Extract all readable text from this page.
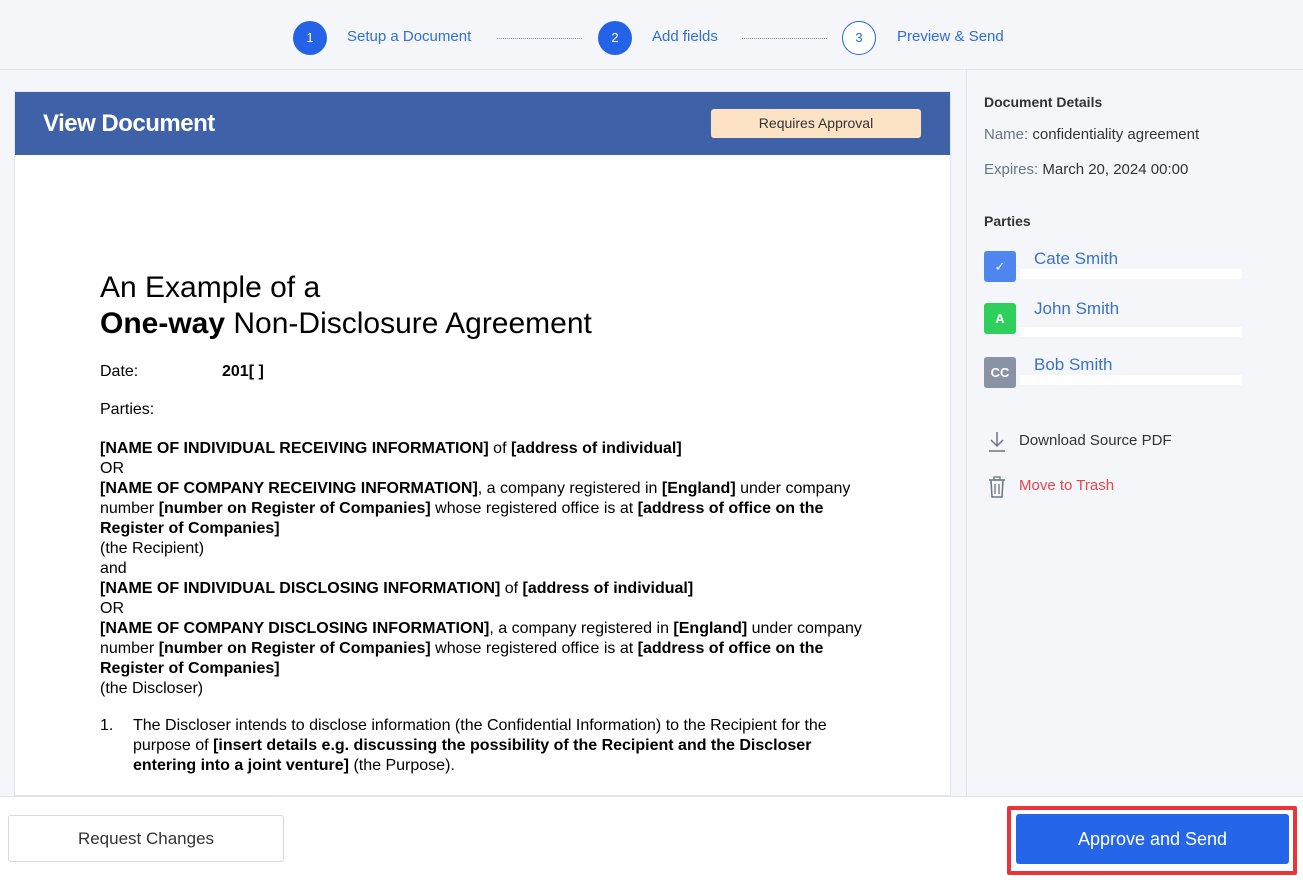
1	Setup a Document	2	Add fields	3	Preview & Send
View Document	Requires Approval
An Example of a
One-way Non-Disclosure Agreement
Date:	201[ ]
Parties:
[NAME OF INDIVIDUAL RECEIVING INFORMATION] of [address of individual]
OR
[NAME OF COMPANY RECEIVING INFORMATION], a company registered in [England] under company number [number on Register of Companies] whose registered office is at [address of office on the Register of Companies]
(the Recipient)
and
[NAME OF INDIVIDUAL DISCLOSING INFORMATION] of [address of individual]
OR
[NAME OF COMPANY DISCLOSING INFORMATION], a company registered in [England] under company number [number on Register of Companies] whose registered office is at [address of office on the Register of Companies]
(the Discloser)
1.	The Discloser intends to disclose information (the Confidential Information) to the Recipient for the purpose of [insert details e.g. discussing the possibility of the Recipient and the Discloser entering into a joint venture] (the Purpose).
Document Details
Name: confidentiality agreement
Expires: March 20, 2024 00:00
Parties
✓	Cate Smith
A
John Smith
CC	Bob Smith
Download Source PDF
Move to Trash
Request Changes	Approve and Send
